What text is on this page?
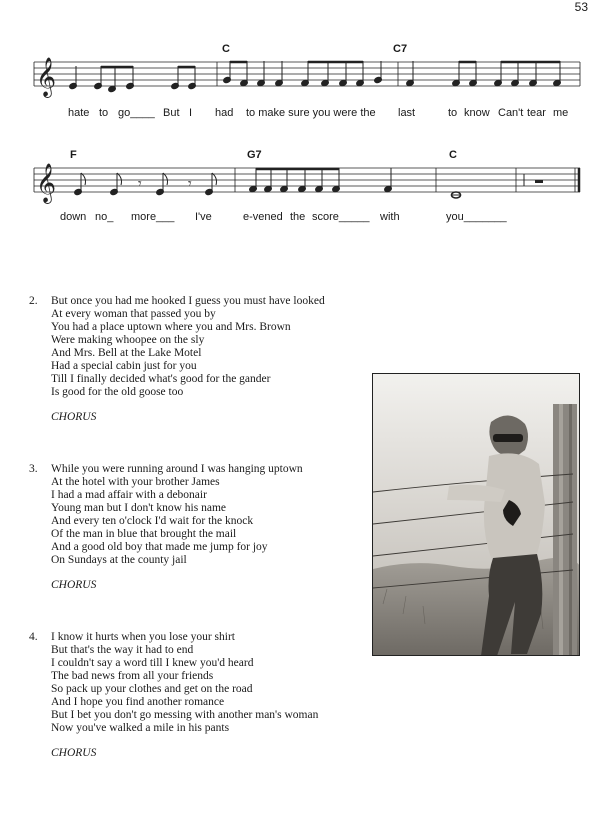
53
C	C7
𝄞
hate to go____ But I had to make sure you were the last	to know Can't tear me
F	G7	C
𝄞	𝄾	𝄾
down no_ more___ I've	e-vened the score_____ with	you_______
2. But once you had me hooked I guess you must have looked
At every woman that passed you by
You had a place uptown where you and Mrs. Brown
Were making whoopee on the sly
And Mrs. Bell at the Lake Motel
Had a special cabin just for you
Till I finally decided what's good for the gander
Is good for the old goose too
CHORUS
3. While you were running around I was hanging uptown
At the hotel with your brother James
I had a mad affair with a debonair
Young man but I don't know his name
And every ten o'clock I'd wait for the knock
Of the man in blue that brought the mail
And a good old boy that made me jump for joy
On Sundays at the county jail
CHORUS
4. I know it hurts when you lose your shirt
But that's the way it had to end
I couldn't say a word till I knew you'd heard
The bad news from all your friends
So pack up your clothes and get on the road
And I hope you find another romance
But I bet you don't go messing with another man's woman
Now you've walked a mile in his pants
CHORUS
